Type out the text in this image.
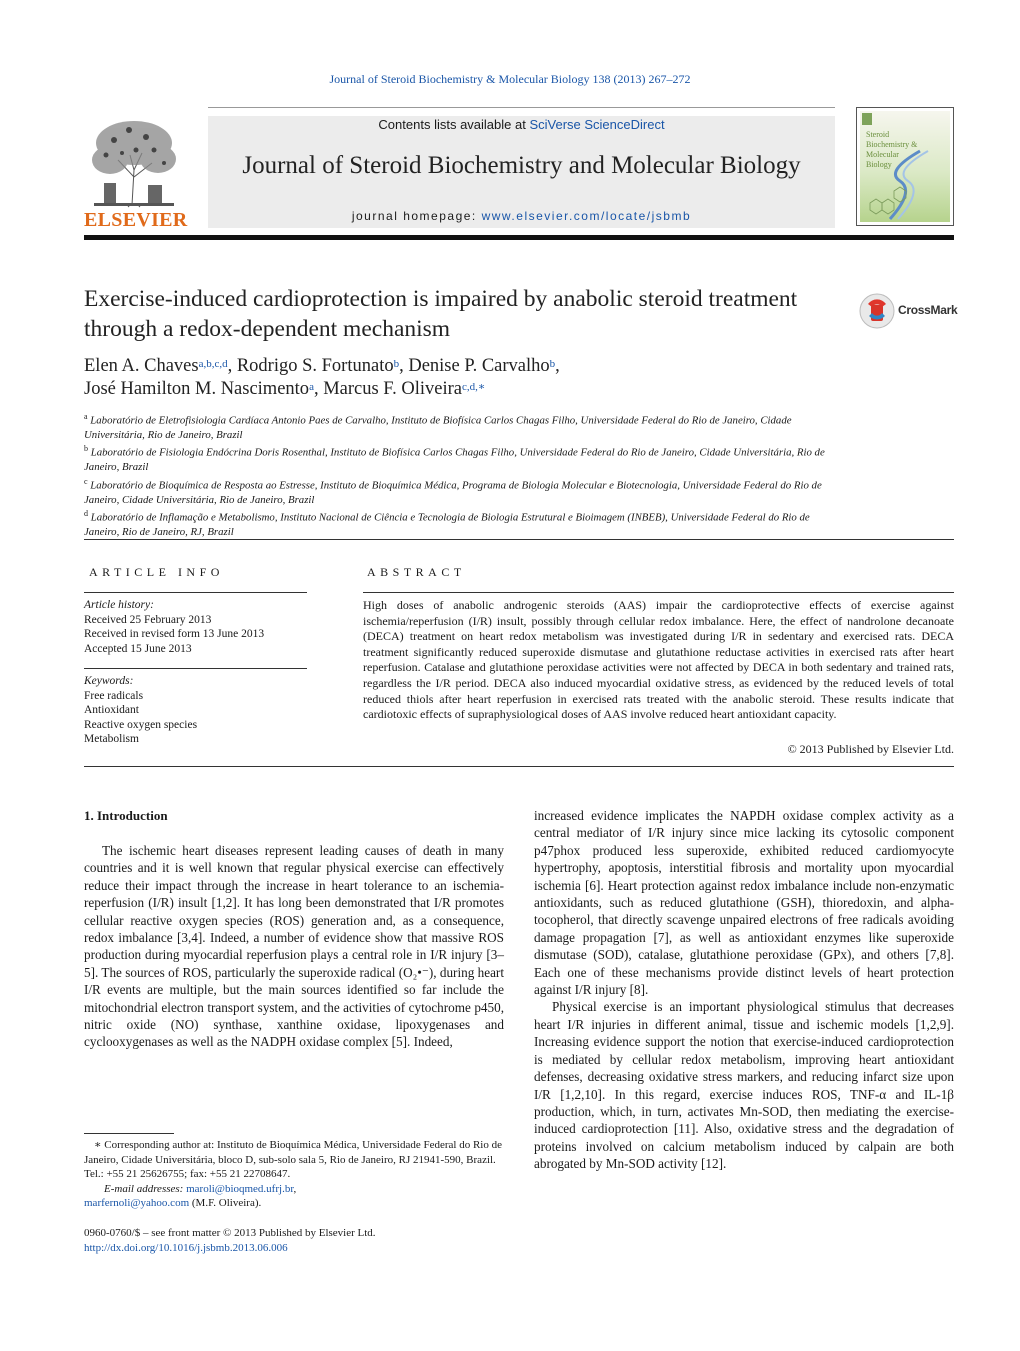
Journal of Steroid Biochemistry & Molecular Biology 138 (2013) 267–272
ELSEVIER
Contents lists available at SciVerse ScienceDirect
Journal of Steroid Biochemistry and Molecular Biology
journal homepage: www.elsevier.com/locate/jsbmb
Steroid
Biochemistry &
Molecular
Biology
Exercise-induced cardioprotection is impaired by anabolic steroid treatment through a redox-dependent mechanism
CrossMark
Elen A. Chaves$^{a,b,c,d}$, Rodrigo S. Fortunato$^b$, Denise P. Carvalho$^b$,
José Hamilton M. Nascimento$^a$, Marcus F. Oliveira$^{c,d,∗}$
$^a$ Laboratório de Eletrofisiologia Cardíaca Antonio Paes de Carvalho, Instituto de Biofísica Carlos Chagas Filho, Universidade Federal do Rio de Janeiro, Cidade Universitária, Rio de Janeiro, Brazil
$^b$ Laboratório de Fisiologia Endócrina Doris Rosenthal, Instituto de Biofísica Carlos Chagas Filho, Universidade Federal do Rio de Janeiro, Cidade Universitária, Rio de Janeiro, Brazil
$^c$ Laboratório de Bioquímica de Resposta ao Estresse, Instituto de Bioquímica Médica, Programa de Biologia Molecular e Biotecnologia, Universidade Federal do Rio de Janeiro, Cidade Universitária, Rio de Janeiro, Brazil
$^d$ Laboratório de Inflamação e Metabolismo, Instituto Nacional de Ciência e Tecnologia de Biologia Estrutural e Bioimagem (INBEB), Universidade Federal do Rio de Janeiro, Rio de Janeiro, RJ, Brazil
ARTICLE INFO	ABSTRACT
Article history:
Received 25 February 2013
Received in revised form 13 June 2013
Accepted 15 June 2013
Keywords:
Free radicals
Antioxidant
Reactive oxygen species
Metabolism
High doses of anabolic androgenic steroids (AAS) impair the cardioprotective effects of exercise against ischemia/reperfusion (I/R) insult, possibly through cellular redox imbalance. Here, the effect of nandrolone decanoate (DECA) treatment on heart redox metabolism was investigated during I/R in sedentary and exercised rats. DECA treatment significantly reduced superoxide dismutase and glutathione reductase activities in exercised rats after heart reperfusion. Catalase and glutathione peroxidase activities were not affected by DECA in both sedentary and trained rats, regardless the I/R period. DECA also induced myocardial oxidative stress, as evidenced by the reduced levels of total reduced thiols after heart reperfusion in exercised rats treated with the anabolic steroid. These results indicate that cardiotoxic effects of supraphysiological doses of AAS involve reduced heart antioxidant capacity.
© 2013 Published by Elsevier Ltd.
1. Introduction

The ischemic heart diseases represent leading causes of death in many countries and it is well known that regular physical exercise can effectively reduce their impact through the increase in heart tolerance to an ischemia-reperfusion (I/R) insult [1,2]. It has long been demonstrated that I/R promotes cellular reactive oxygen species (ROS) generation and, as a consequence, redox imbalance [3,4]. Indeed, a number of evidence show that massive ROS production during myocardial reperfusion plays a central role in I/R injury [3–5]. The sources of ROS, particularly the superoxide radical (O₂•⁻), during heart I/R events are multiple, but the main sources identified so far include the mitochondrial electron transport system, and the activities of cytochrome p450, nitric oxide (NO) synthase, xanthine oxidase, lipoxygenases and cyclooxygenases as well as the NADPH oxidase complex [5]. Indeed,

increased evidence implicates the NAPDH oxidase complex activity as a central mediator of I/R injury since mice lacking its cytosolic component p47phox produced less superoxide, exhibited reduced cardiomyocyte hypertrophy, apoptosis, interstitial fibrosis and mortality upon myocardial ischemia [6]. Heart protection against redox imbalance include non-enzymatic antioxidants, such as reduced glutathione (GSH), thioredoxin, and alpha-tocopherol, that directly scavenge unpaired electrons of free radicals avoiding damage propagation [7], as well as antioxidant enzymes like superoxide dismutase (SOD), catalase, glutathione peroxidase (GPx), and others [7,8]. Each one of these mechanisms provide distinct levels of heart protection against I/R injury [8].

Physical exercise is an important physiological stimulus that decreases heart I/R injuries in different animal, tissue and ischemic models [1,2,9]. Increasing evidence support the notion that exercise-induced cardioprotection is mediated by cellular redox metabolism, improving heart antioxidant defenses, decreasing oxidative stress markers, and reducing infarct size upon I/R [1,2,10]. In this regard, exercise induces ROS, TNF-α and IL-1β production, which, in turn, activates Mn-SOD, then mediating the exercise-induced cardioprotection [11]. Also, oxidative stress and the degradation of proteins involved on calcium metabolism induced by calpain are both abrogated by Mn-SOD activity [12].

∗ Corresponding author at: Instituto de Bioquímica Médica, Universidade Federal do Rio de Janeiro, Cidade Universitária, bloco D, sub-solo sala 5, Rio de Janeiro, RJ 21941-590, Brazil. Tel.: +55 21 25626755; fax: +55 21 22708647.
E-mail addresses: maroli@bioqmed.ufrj.br,
marfernoli@yahoo.com (M.F. Oliveira).
0960-0760/$ – see front matter © 2013 Published by Elsevier Ltd.
http://dx.doi.org/10.1016/j.jsbmb.2013.06.006
